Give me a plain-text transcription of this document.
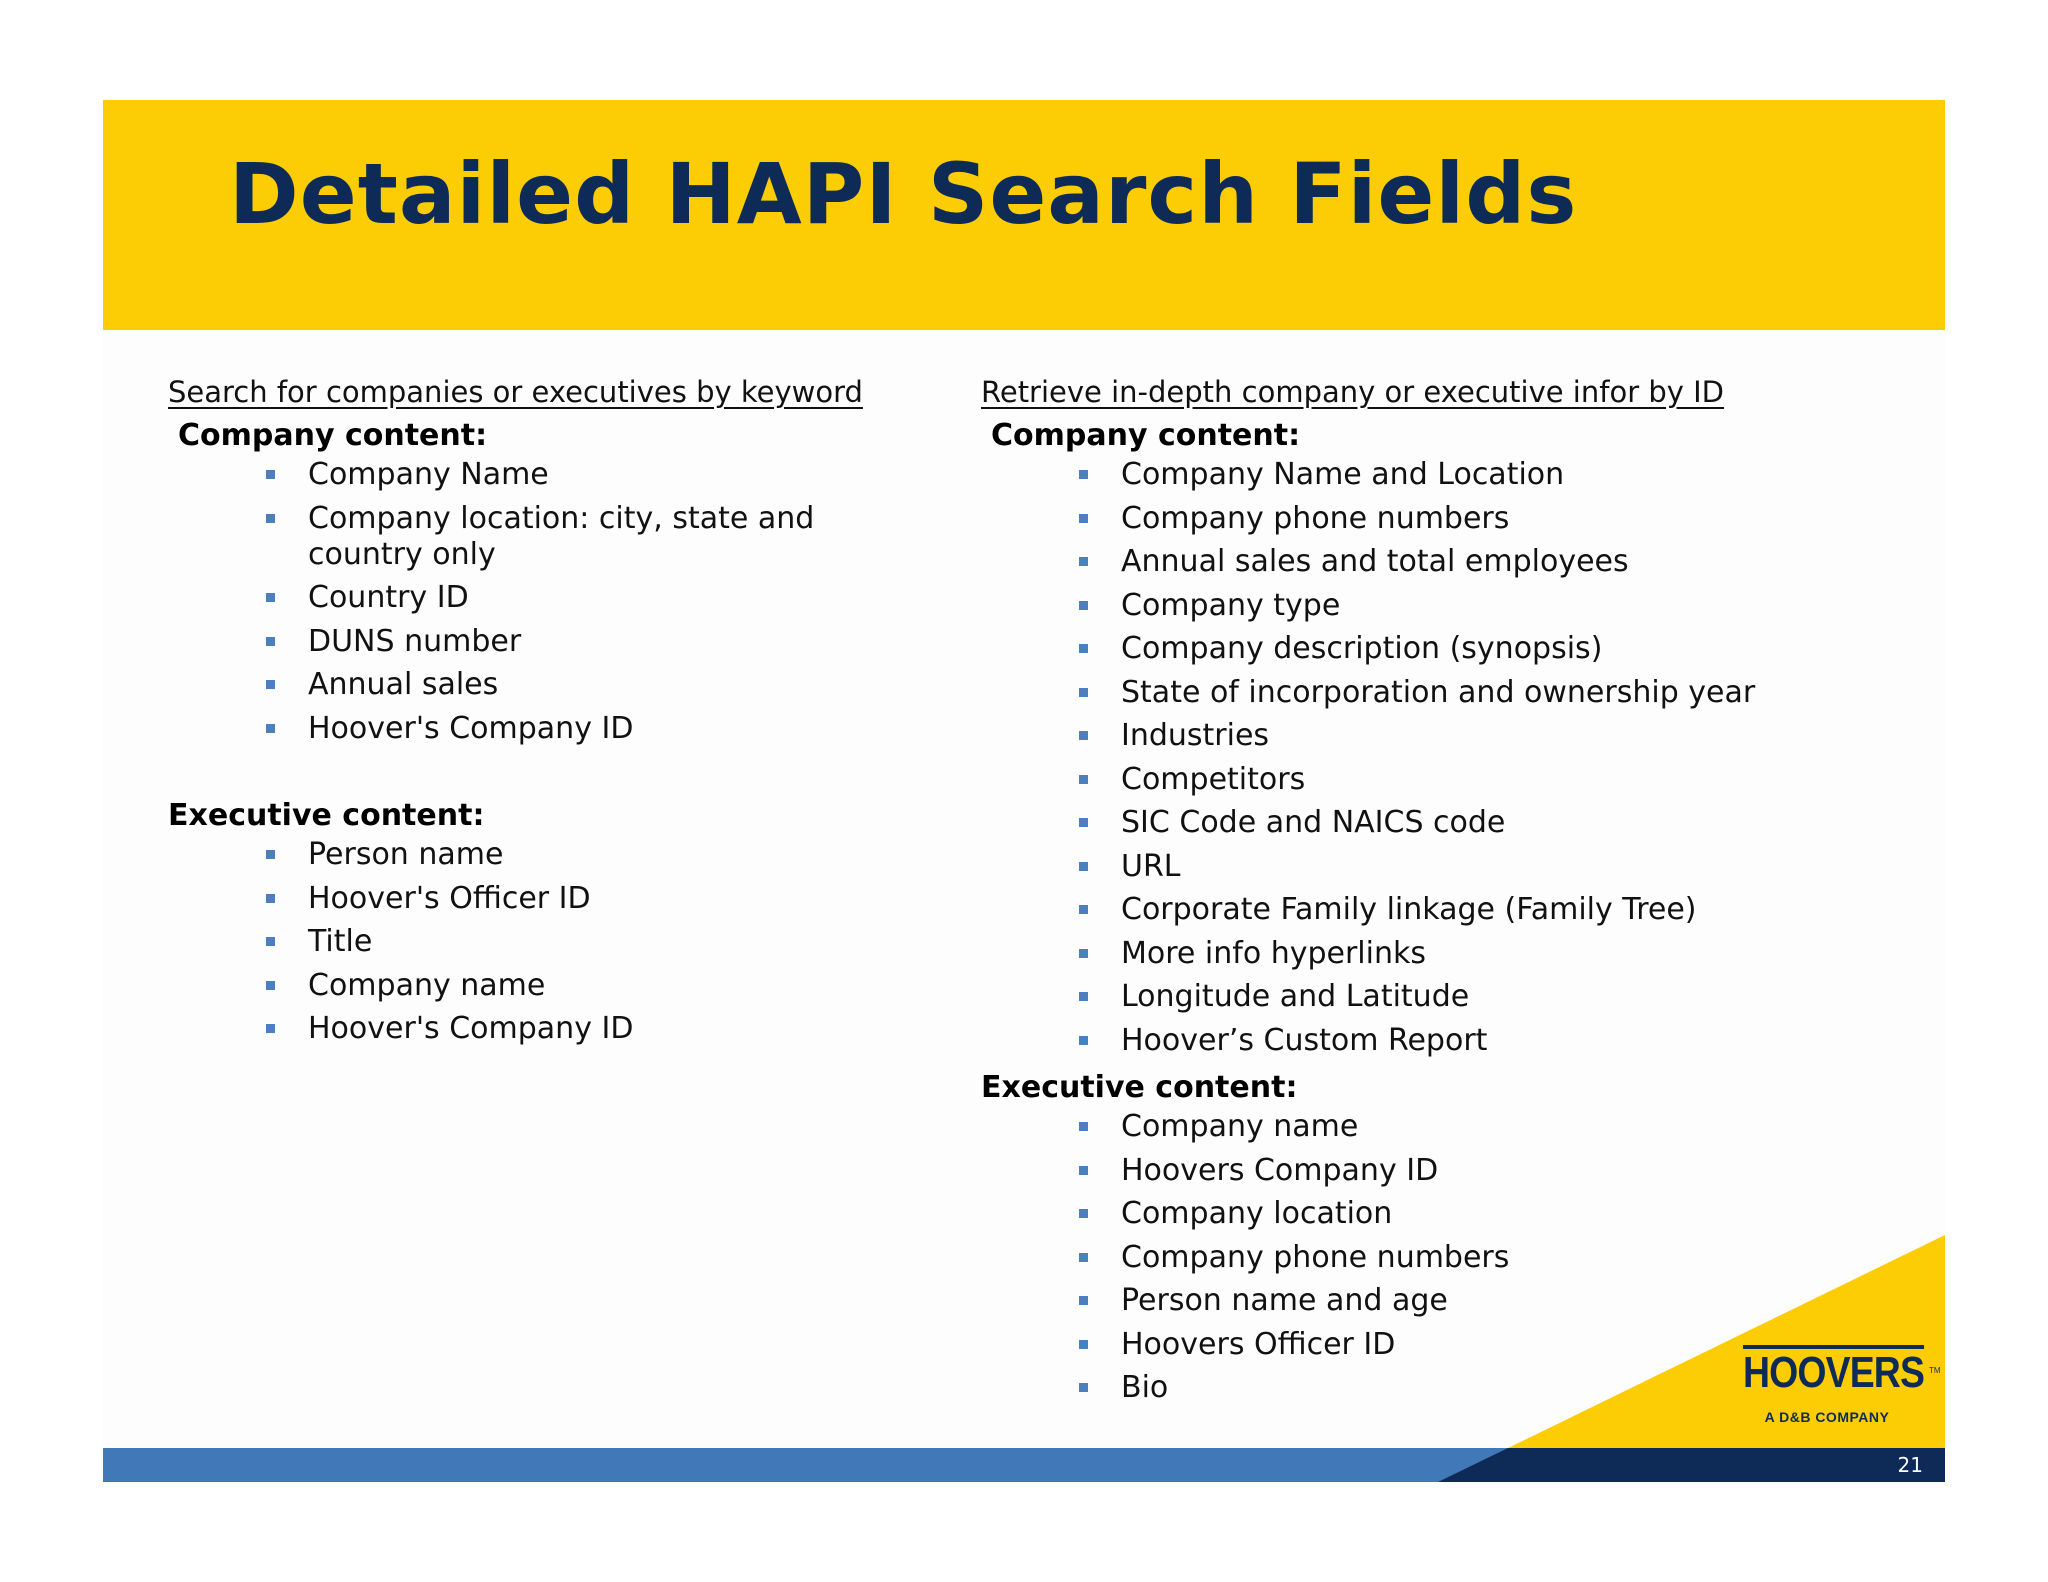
Detailed HAPI Search Fields

Search for companies or executives by keyword

Company content:

Company Name
Company location: city, state and country only
Country ID
DUNS number
Annual sales
Hoover's Company ID

Executive content:

Person name
Hoover's Officer ID
Title
Company name
Hoover's Company ID

Retrieve in-depth company or executive infor by ID

Company content:

Company Name and Location
Company phone numbers
Annual sales and total employees
Company type
Company description (synopsis)
State of incorporation and ownership year
Industries
Competitors
SIC Code and NAICS code
URL
Corporate Family linkage (Family Tree)
More info hyperlinks
Longitude and Latitude
Hoover’s Custom Report

Executive content:

Company name
Hoovers Company ID
Company location
Company phone numbers
Person name and age
Hoovers Officer ID
Bio	HOOVERS
A D&B COMPANY
TM
21
